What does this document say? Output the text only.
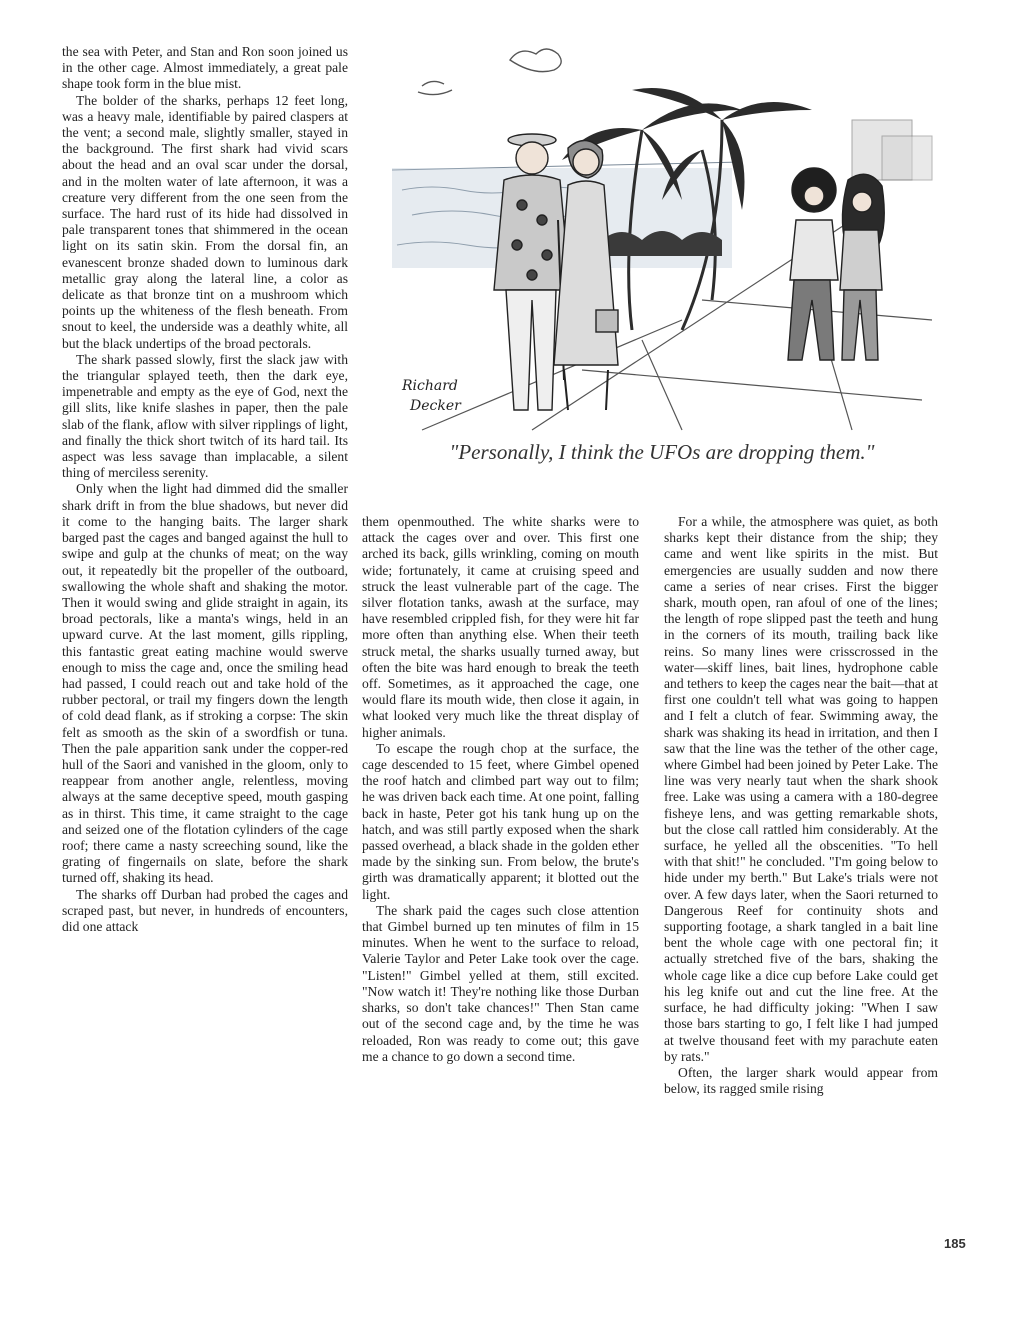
the sea with Peter, and Stan and Ron soon joined us in the other cage. Almost immediately, a great pale shape took form in the blue mist.

The bolder of the sharks, perhaps 12 feet long, was a heavy male, identifiable by paired claspers at the vent; a second male, slightly smaller, stayed in the background. The first shark had vivid scars about the head and an oval scar under the dorsal, and in the molten water of late afternoon, it was a creature very different from the one seen from the surface. The hard rust of its hide had dissolved in pale transparent tones that shimmered in the ocean light on its satin skin. From the dorsal fin, an evanescent bronze shaded down to luminous dark metallic gray along the lateral line, a color as delicate as that bronze tint on a mushroom which points up the whiteness of the flesh beneath. From snout to keel, the underside was a deathly white, all but the black undertips of the broad pectorals.

The shark passed slowly, first the slack jaw with the triangular splayed teeth, then the dark eye, impenetrable and empty as the eye of God, next the gill slits, like knife slashes in paper, then the pale slab of the flank, aflow with silver ripplings of light, and finally the thick short twitch of its hard tail. Its aspect was less savage than implacable, a silent thing of merciless serenity.

Only when the light had dimmed did the smaller shark drift in from the blue shadows, but never did it come to the hanging baits. The larger shark barged past the cages and banged against the hull to swipe and gulp at the chunks of meat; on the way out, it repeatedly bit the propeller of the outboard, swallowing the whole shaft and shaking the motor. Then it would swing and glide straight in again, its broad pectorals, like a manta's wings, held in an upward curve. At the last moment, gills rippling, this fantastic great eating machine would swerve enough to miss the cage and, once the smiling head had passed, I could reach out and take hold of the rubber pectoral, or trail my fingers down the length of cold dead flank, as if stroking a corpse: The skin felt as smooth as the skin of a swordfish or tuna. Then the pale apparition sank under the copper-red hull of the Saori and vanished in the gloom, only to reappear from another angle, relentless, moving always at the same deceptive speed, mouth gasping as in thirst. This time, it came straight to the cage and seized one of the flotation cylinders of the cage roof; there came a nasty screeching sound, like the grating of fingernails on slate, before the shark turned off, shaking its head.

The sharks off Durban had probed the cages and scraped past, but never, in hundreds of encounters, did one attack

Richard
Decker
"Personally, I think the UFOs are dropping them."

them openmouthed. The white sharks were to attack the cages over and over. This first one arched its back, gills wrinkling, coming on mouth wide; fortunately, it came at cruising speed and struck the least vulnerable part of the cage. The silver flotation tanks, awash at the surface, may have resembled crippled fish, for they were hit far more often than anything else. When their teeth struck metal, the sharks usually turned away, but often the bite was hard enough to break the teeth off. Sometimes, as it approached the cage, one would flare its mouth wide, then close it again, in what looked very much like the threat display of higher animals.

To escape the rough chop at the surface, the cage descended to 15 feet, where Gimbel opened the roof hatch and climbed part way out to film; he was driven back each time. At one point, falling back in haste, Peter got his tank hung up on the hatch, and was still partly exposed when the shark passed overhead, a black shade in the golden ether made by the sinking sun. From below, the brute's girth was dramatically apparent; it blotted out the light.

The shark paid the cages such close attention that Gimbel burned up ten minutes of film in 15 minutes. When he went to the surface to reload, Valerie Taylor and Peter Lake took over the cage. "Listen!" Gimbel yelled at them, still excited. "Now watch it! They're nothing like those Durban sharks, so don't take chances!" Then Stan came out of the second cage and, by the time he was reloaded, Ron was ready to come out; this gave me a chance to go down a second time.

For a while, the atmosphere was quiet, as both sharks kept their distance from the ship; they came and went like spirits in the mist. But emergencies are usually sudden and now there came a series of near crises. First the bigger shark, mouth open, ran afoul of one of the lines; the length of rope slipped past the teeth and hung in the corners of its mouth, trailing back like reins. So many lines were crisscrossed in the water—skiff lines, bait lines, hydrophone cable and tethers to keep the cages near the bait—that at first one couldn't tell what was going to happen and I felt a clutch of fear. Swimming away, the shark was shaking its head in irritation, and then I saw that the line was the tether of the other cage, where Gimbel had been joined by Peter Lake. The line was very nearly taut when the shark shook free. Lake was using a camera with a 180-degree fisheye lens, and was getting remarkable shots, but the close call rattled him considerably. At the surface, he yelled all the obscenities. "To hell with that shit!" he concluded. "I'm going below to hide under my berth." But Lake's trials were not over. A few days later, when the Saori returned to Dangerous Reef for continuity shots and supporting footage, a shark tangled in a bait line bent the whole cage with one pectoral fin; it actually stretched five of the bars, shaking the whole cage like a dice cup before Lake could get his leg knife out and cut the line free. At the surface, he had difficulty joking: "When I saw those bars starting to go, I felt like I had jumped at twelve thousand feet with my parachute eaten by rats."

Often, the larger shark would appear from below, its ragged smile rising

185
